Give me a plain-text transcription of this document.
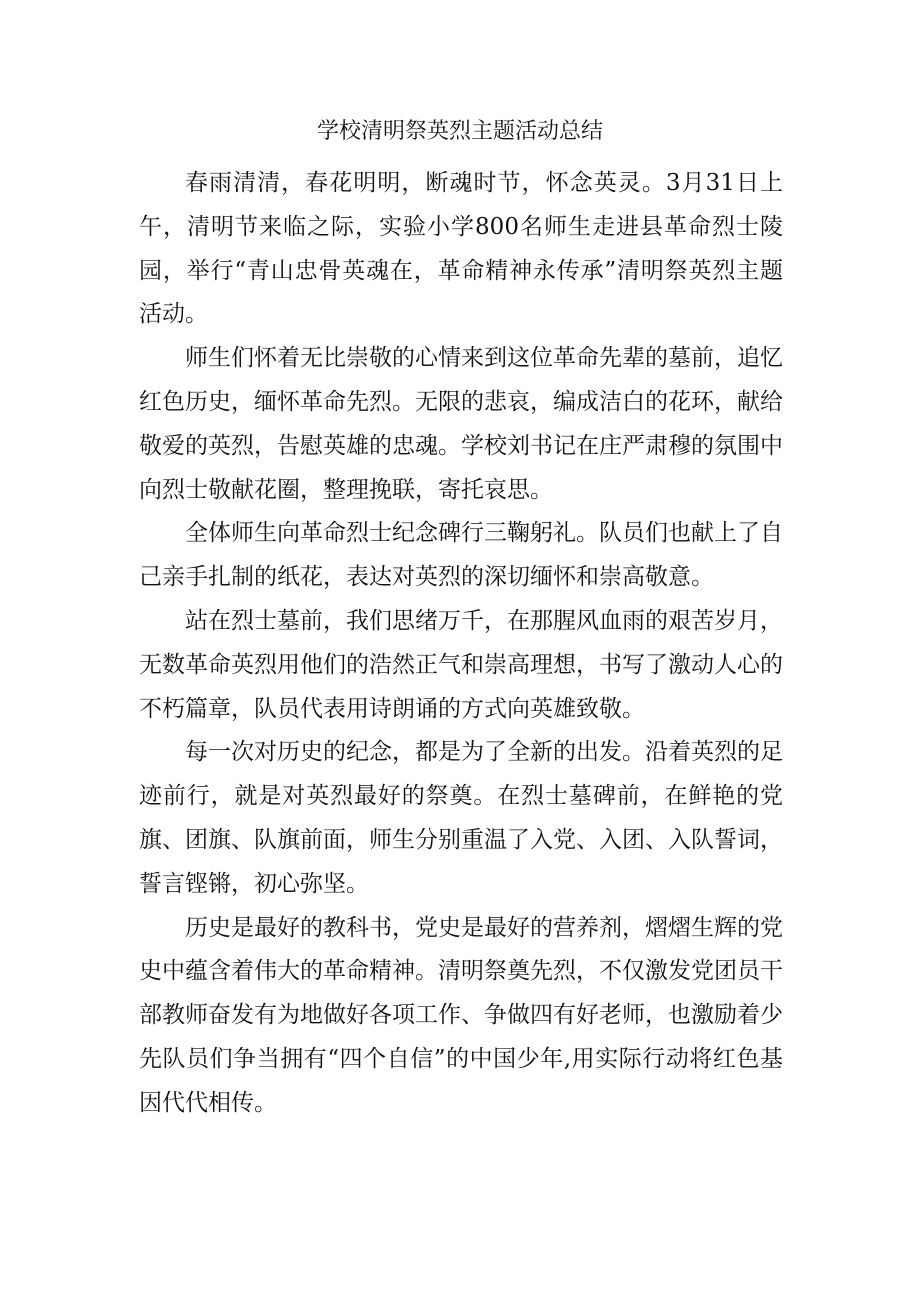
学校清明祭英烈主题活动总结

春雨清清，春花明明，断魂时节，怀念英灵。3月31日上午，清明节来临之际，实验小学800名师生走进县革命烈士陵园，举行“青山忠骨英魂在，革命精神永传承”清明祭英烈主题活动。

师生们怀着无比崇敬的心情来到这位革命先辈的墓前，追忆红色历史，缅怀革命先烈。无限的悲哀，编成洁白的花环，献给敬爱的英烈，告慰英雄的忠魂。学校刘书记在庄严肃穆的氛围中向烈士敬献花圈，整理挽联，寄托哀思。

全体师生向革命烈士纪念碑行三鞠躬礼。队员们也献上了自己亲手扎制的纸花，表达对英烈的深切缅怀和崇高敬意。

站在烈士墓前，我们思绪万千，在那腥风血雨的艰苦岁月，无数革命英烈用他们的浩然正气和崇高理想，书写了激动人心的不朽篇章，队员代表用诗朗诵的方式向英雄致敬。

每一次对历史的纪念，都是为了全新的出发。沿着英烈的足迹前行，就是对英烈最好的祭奠。在烈士墓碑前，在鲜艳的党旗、团旗、队旗前面，师生分别重温了入党、入团、入队誓词，誓言铿锵，初心弥坚。

历史是最好的教科书，党史是最好的营养剂，熠熠生辉的党史中蕴含着伟大的革命精神。清明祭奠先烈，不仅激发党团员干部教师奋发有为地做好各项工作、争做四有好老师，也激励着少先队员们争当拥有“四个自信”的中国少年,用实际行动将红色基因代代相传。
